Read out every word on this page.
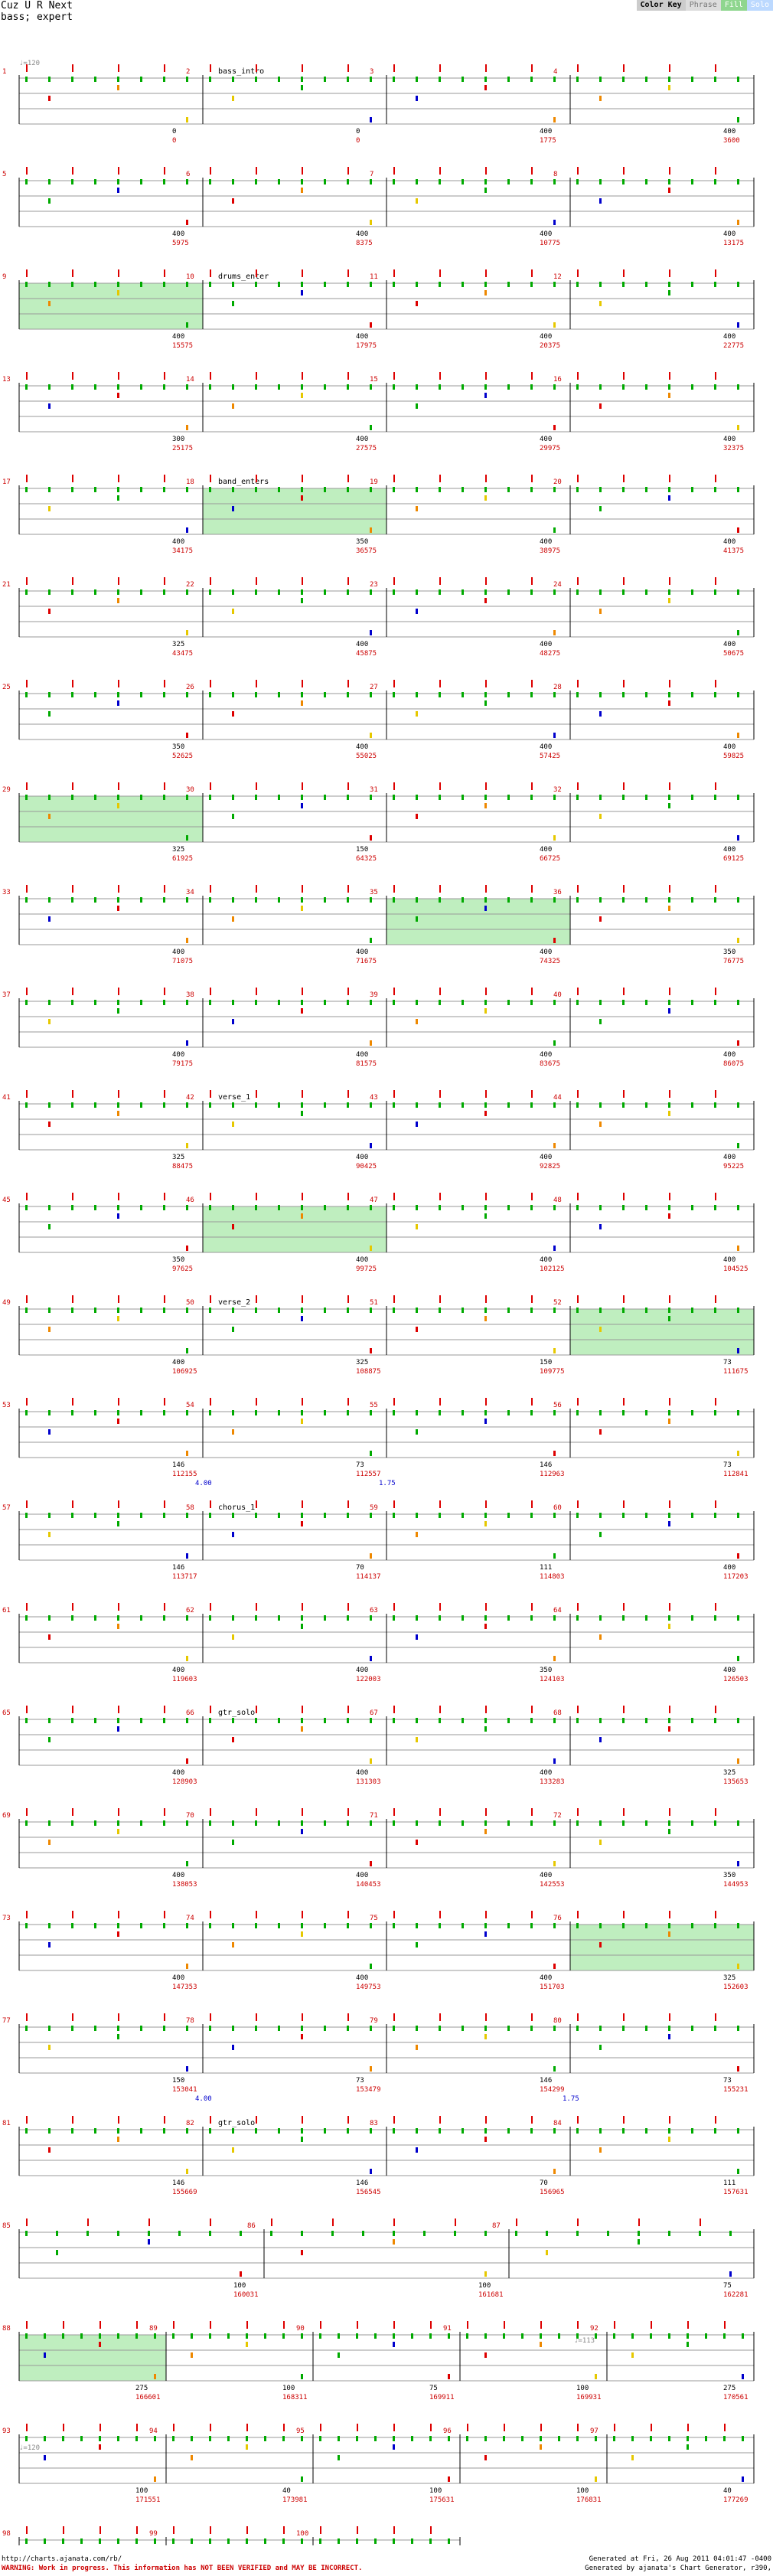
Cuz U R Next
bass; expert
Color Key	Phrase	Fill	Solo
1
0
0
2	bass_intro
0
0
3
400
1775
4
400
3600
5
400
5975
6
400
8375
7
400
10775
8
400
13175
9
400
15575
10	drums_enter
400
17975
11
400
20375
12
400
22775
13
300
25175
14
400
27575
15
400
29975
16
400
32375
17
400
34175
18	band_enters
350
36575
19
400
38975
20
400
41375
21
325
43475
22
400
45875
23
400
48275
24
400
50675
25
350
52625
26
400
55025
27
400
57425
28
400
59825
29
325
61925
30
150
64325
31
400
66725
32
400
69125
33
400
71075
34
400
71675
35
400
74325
36
350
76775
37
400
79175
38
400
81575
39
400
83675
40
400
86075
41
325
88475
42	verse_1
400
90425
43
400
92825
44
400
95225
45
350
97625
46
400
99725
47
400
102125
48
400
104525
49
400
106925
50	verse_2
325
108875
51
150
109775
52
73
111675
53
146
112155
54
73
112557
55
146
112963
56
73
112841
57
146
113717
58	chorus_1
70
114137
59
111
114803
60
400
117203
61
400
119603
62
400
122003
63
350
124103
64
400
126503
65
400
128903
66	gtr_solo
400
131303
67
400
133283
68
325
135653
69
400
138053
70
400
140453
71
400
142553
72
350
144953
73
400
147353
74
400
149753
75
400
151703
76
325
152603
77
150
153041
78
73
153479
79
146
154299
80
73
155231
81
146
155669
82	gtr_solo
146
156545
83
70
156965
84
111
157631
85
100
160031
86
100
161681
87
75
162281
88
275
166601
89
100
168311
90
75
169911
91
100
169931
92
275
170561
93
100
171551
94
40
173981
95
100
175631
96
100
176831
97
40
177269
98	99	100
♩=120
♩=113
♩=120
4.00	1.75
4.00	1.75
http://charts.ajanata.com/rb/
WARNING: Work in progress. This information has NOT BEEN VERIFIED and MAY BE INCORRECT.
Generated at Fri, 26 Aug 2011 04:01:47 -0400
Generated by ajanata's Chart Generator, r390,
